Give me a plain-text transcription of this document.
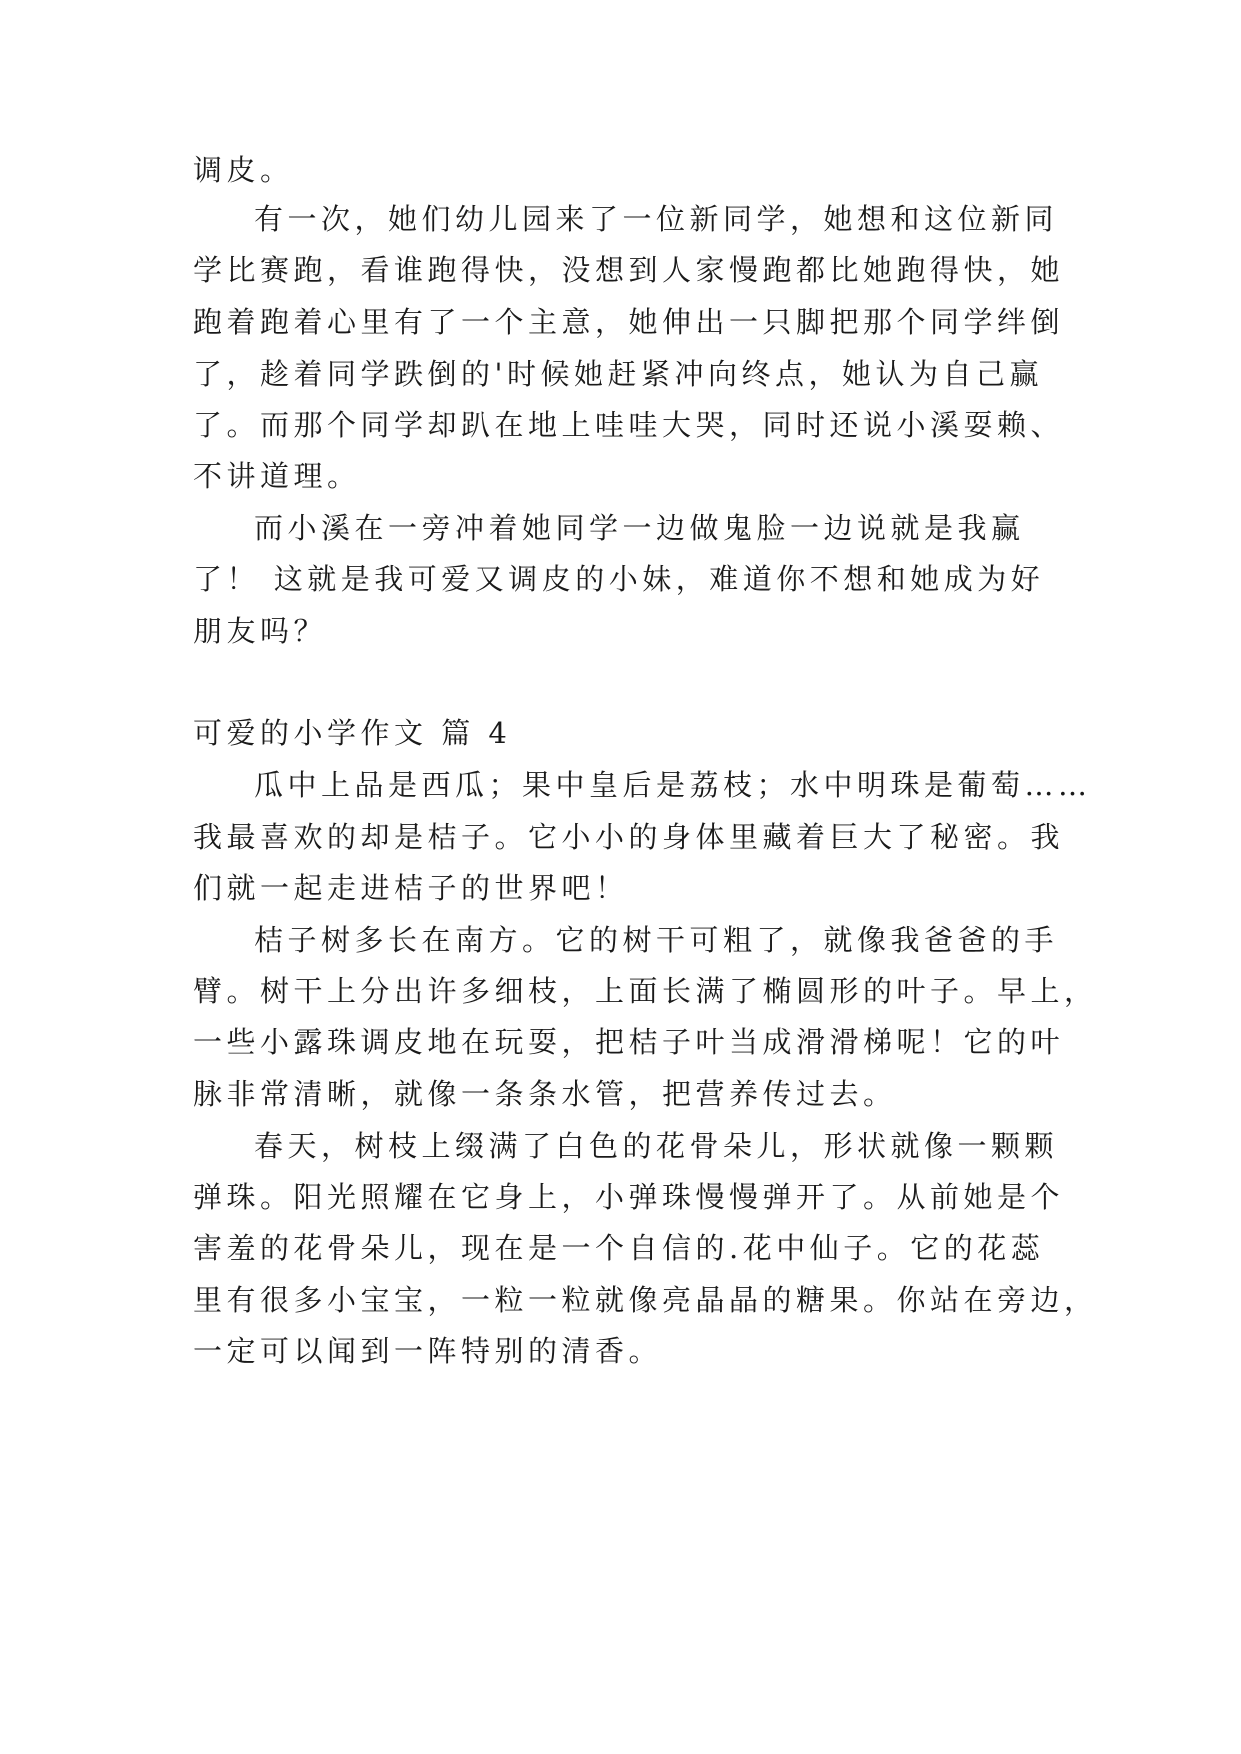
调皮。
有一次，她们幼儿园来了一位新同学，她想和这位新同
学比赛跑，看谁跑得快，没想到人家慢跑都比她跑得快，她
跑着跑着心里有了一个主意，她伸出一只脚把那个同学绊倒
了，趁着同学跌倒的'时候她赶紧冲向终点，她认为自己赢
了。而那个同学却趴在地上哇哇大哭，同时还说小溪耍赖、
不讲道理。
而小溪在一旁冲着她同学一边做鬼脸一边说就是我赢
了！ 这就是我可爱又调皮的小妹，难道你不想和她成为好
朋友吗？
可爱的小学作文 篇 4
瓜中上品是西瓜；果中皇后是荔枝；水中明珠是葡萄……
我最喜欢的却是桔子。它小小的身体里藏着巨大了秘密。我
们就一起走进桔子的世界吧！
桔子树多长在南方。它的树干可粗了，就像我爸爸的手
臂。树干上分出许多细枝，上面长满了椭圆形的叶子。早上，
一些小露珠调皮地在玩耍，把桔子叶当成滑滑梯呢！它的叶
脉非常清晰，就像一条条水管，把营养传过去。
春天，树枝上缀满了白色的花骨朵儿，形状就像一颗颗
弹珠。阳光照耀在它身上，小弹珠慢慢弹开了。从前她是个
害羞的花骨朵儿，现在是一个自信的.花中仙子。它的花蕊
里有很多小宝宝，一粒一粒就像亮晶晶的糖果。你站在旁边，
一定可以闻到一阵特别的清香。
